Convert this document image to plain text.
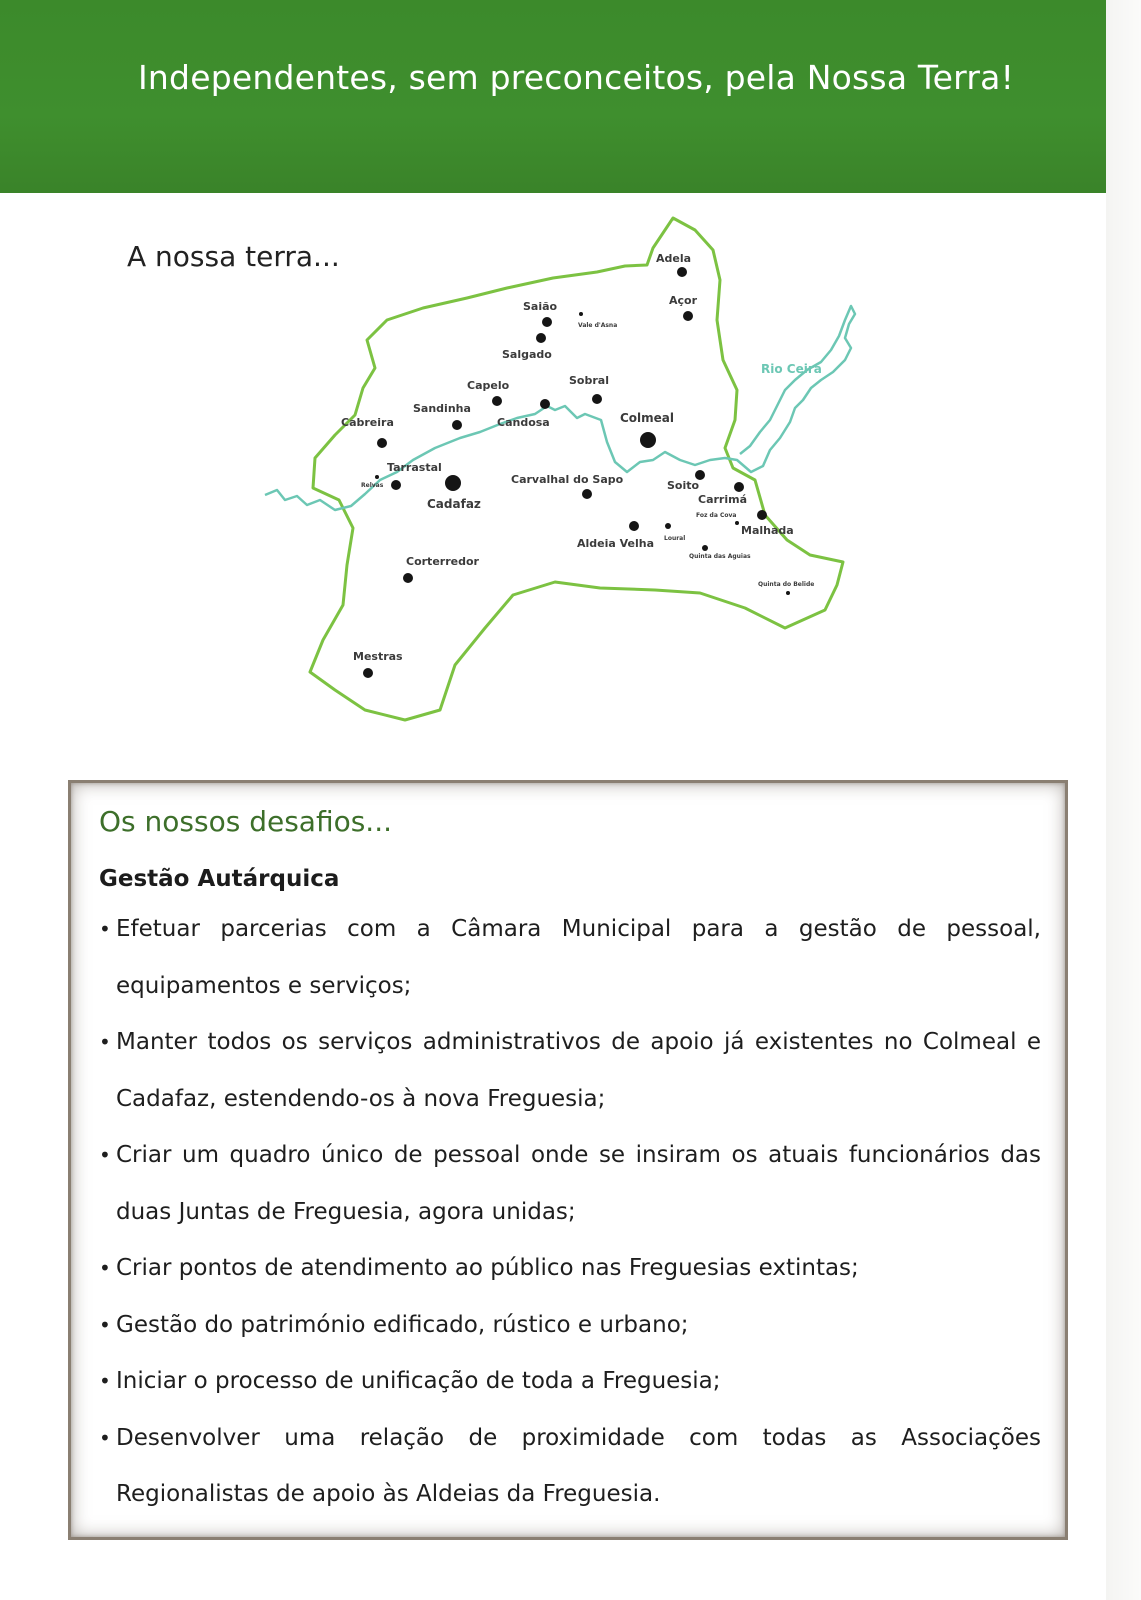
Independentes, sem preconceitos, pela Nossa Terra!
A nossa terra...
Rio Ceira
Adela
Açor
Saião
Vale d'Asna
Salgado
Capelo	Sobral
Sandinha
Cabreira	Candosa	Colmeal
Tarrastal
Relvas
Cadafaz
Carvalhal do Sapo	Soito
Carrimá
Foz da Cova
Malhada
Aldeia Velha Loural
Quinta das Aguias
Quinta do Belide
Corterredor
Mestras
Os nossos desafios...
Gestão Autárquica
• Efetuar parcerias com a Câmara Municipal para a gestão de pessoal, equipamentos e serviços;
• Manter todos os serviços administrativos de apoio já existentes no Colmeal e Cadafaz, estendendo-os à nova Freguesia;
• Criar um quadro único de pessoal onde se insiram os atuais funcionários das duas Juntas de Freguesia, agora unidas;
• Criar pontos de atendimento ao público nas Freguesias extintas;
• Gestão do património edificado, rústico e urbano;
• Iniciar o processo de unificação de toda a Freguesia;
• Desenvolver uma relação de proximidade com todas as Associações Regionalistas de apoio às Aldeias da Freguesia.
